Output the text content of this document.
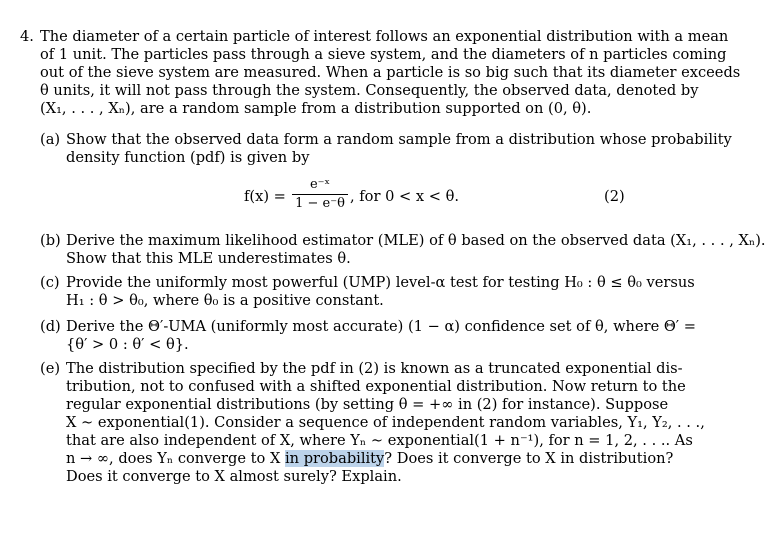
4. The diameter of a certain particle of interest follows an exponential distribution with a mean
of 1 unit. The particles pass through a sieve system, and the diameters of n particles coming
out of the sieve system are measured. When a particle is so big such that its diameter exceeds
θ units, it will not pass through the system. Consequently, the observed data, denoted by
(X₁, . . . , Xₙ), are a random sample from a distribution supported on (0, θ).
(a) Show that the observed data form a random sample from a distribution whose probability
density function (pdf) is given by
f(x) =
e⁻ˣ
1 − e⁻θ , for 0 < x < θ.	(2)
(b) Derive the maximum likelihood estimator (MLE) of θ based on the observed data (X₁, . . . , Xₙ).
Show that this MLE underestimates θ.
(c) Provide the uniformly most powerful (UMP) level-α test for testing H₀ : θ ≤ θ₀ versus
H₁ : θ > θ₀, where θ₀ is a positive constant.
(d) Derive the Θ′-UMA (uniformly most accurate) (1 − α) confidence set of θ, where Θ′ =
{θ′ > 0 : θ′ < θ}.
(e) The distribution specified by the pdf in (2) is known as a truncated exponential dis-
tribution, not to confused with a shifted exponential distribution. Now return to the
regular exponential distributions (by setting θ = +∞ in (2) for instance). Suppose
X ∼ exponential(1). Consider a sequence of independent random variables, Y₁, Y₂, . . .,
that are also independent of X, where Yₙ ∼ exponential(1 + n⁻¹), for n = 1, 2, . . .. As
n → ∞, does Yₙ converge to X in probability? Does it converge to X in distribution?
Does it converge to X almost surely? Explain.
